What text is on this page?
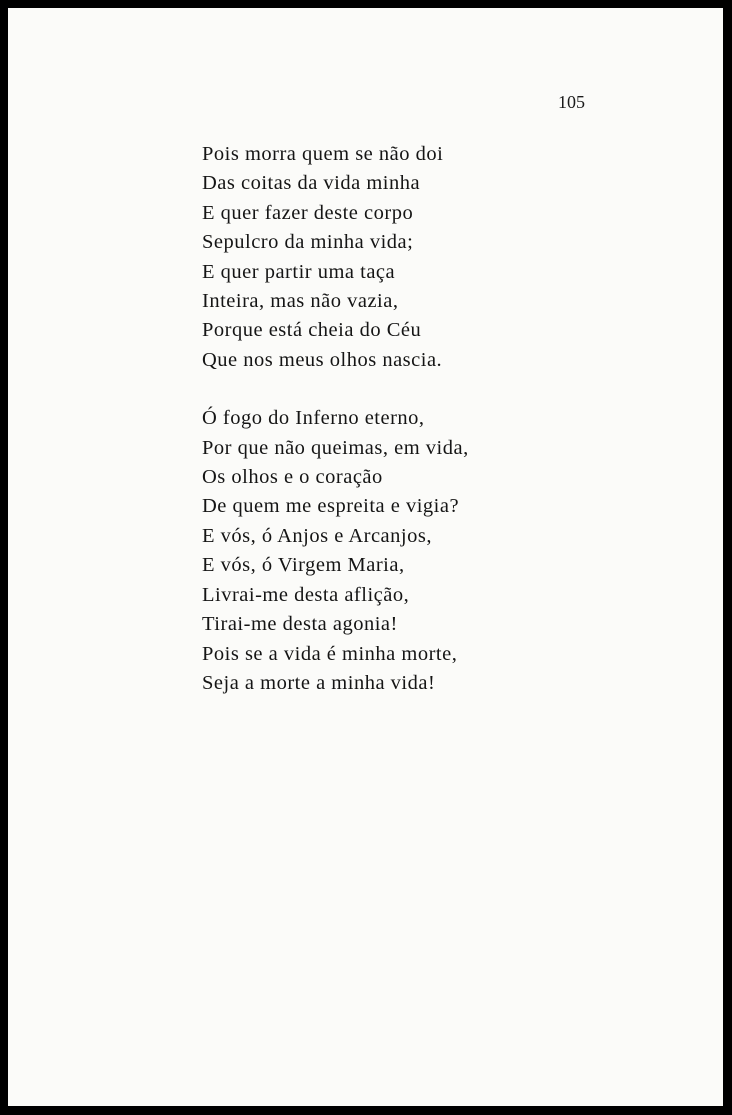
105

Pois morra quem se não doi
Das coitas da vida minha
E quer fazer deste corpo
Sepulcro da minha vida;
E quer partir uma taça
Inteira, mas não vazia,
Porque está cheia do Céu
Que nos meus olhos nascia.
Ó fogo do Inferno eterno,
Por que não queimas, em vida,
Os olhos e o coração
De quem me espreita e vigia?
E vós, ó Anjos e Arcanjos,
E vós, ó Virgem Maria,
Livrai-me desta aflição,
Tirai-me desta agonia!
Pois se a vida é minha morte,
Seja a morte a minha vida!
